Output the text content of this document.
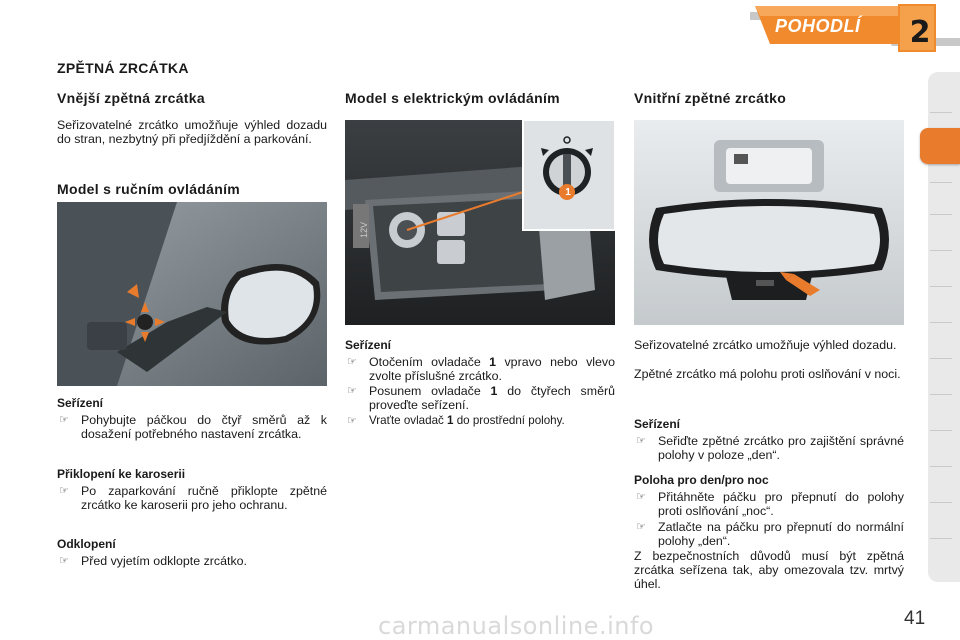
POHODLÍ 2
ZPĚTNÁ ZRCÁTKA
Vnější zpětná zrcátka
Seřizovatelné zrcátko umožňuje výhled dozadu do stran, nezbytný při předjíždění a parkování.
Model s ručním ovládáním
Seřízení
☞ Pohybujte páčkou do čtyř směrů až k dosažení potřebného nastavení zrcátka.
Přiklopení ke karoserii
☞ Po zaparkování ručně přiklopte zpětné zrcátko ke karoserii pro jeho ochranu.
Odklopení
☞ Před vyjetím odklopte zrcátko.
Model s elektrickým ovládáním
12V
1
Seřízení
☞ Otočením ovladače 1 vpravo nebo vlevo zvolte příslušné zrcátko.
☞ Posunem ovladače 1 do čtyřech směrů proveďte seřízení.
☞ Vraťte ovladač 1 do prostřední polohy.
Vnitřní zpětné zrcátko
Seřizovatelné zrcátko umožňuje výhled dozadu.
Zpětné zrcátko má polohu proti oslňování v noci.
Seřízení
☞ Seřiďte zpětné zrcátko pro zajištění správné polohy v poloze „den“.
Poloha pro den/pro noc
☞ Přitáhněte páčku pro přepnutí do polohy proti oslňování „noc“.
☞ Zatlačte na páčku pro přepnutí do normální polohy „den“.
Z bezpečnostních důvodů musí být zpětná zrcátka seřízena tak, aby omezovala tzv. mrtvý úhel.
carmanualsonline.info	41
